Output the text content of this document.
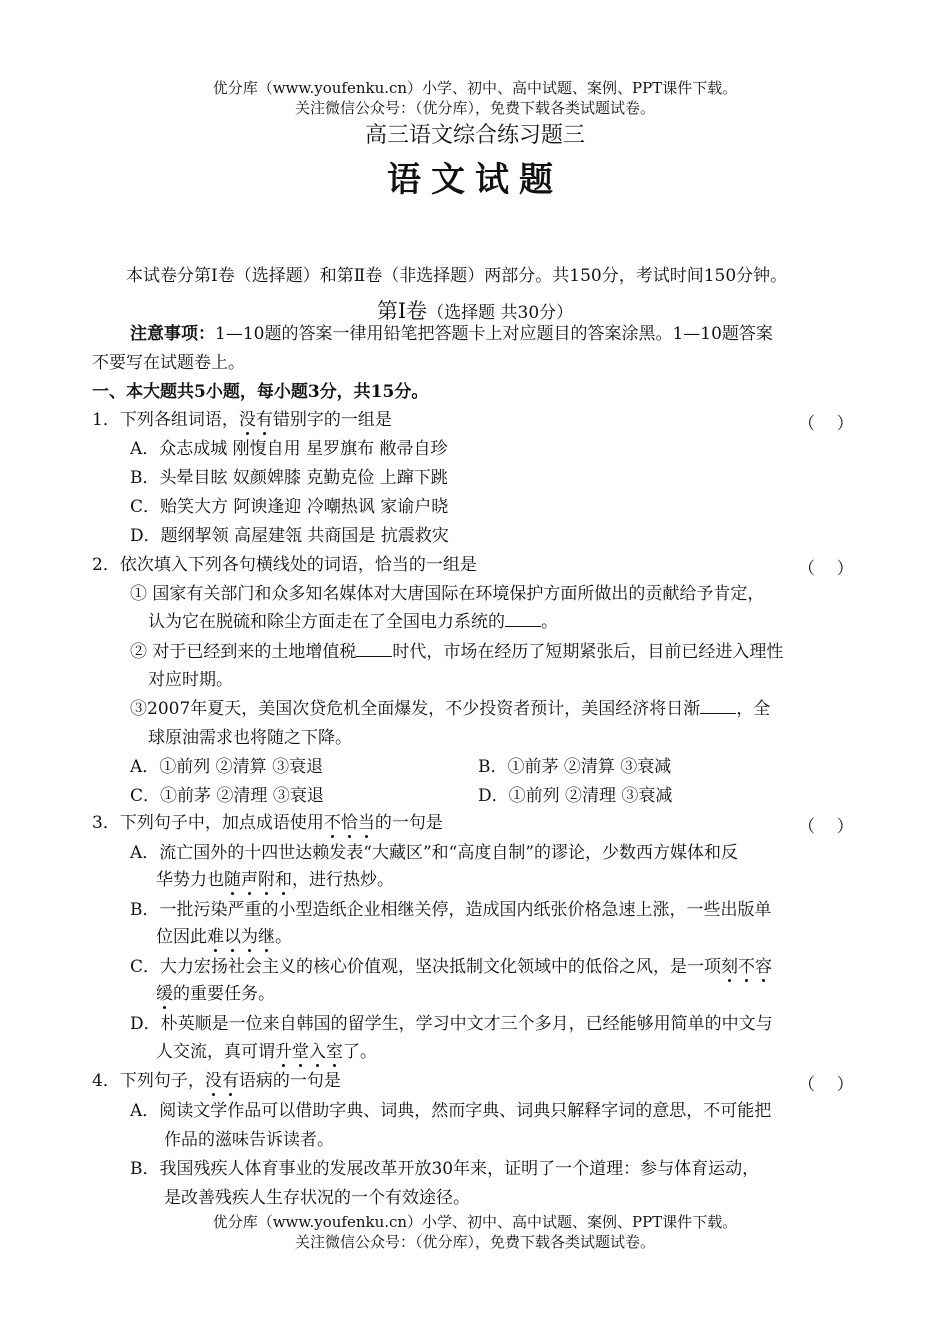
优分库（www.youfenku.cn）小学、初中、高中试题、案例、PPT课件下载。
关注微信公众号：（优分库），免费下载各类试题试卷。
高三语文综合练习题三
语文试题
本试卷分第Ⅰ卷（选择题）和第Ⅱ卷（非选择题）两部分。共150分，考试时间150分钟。
第Ⅰ卷（选择题 共30分）
注意事项：1—10题的答案一律用铅笔把答题卡上对应题目的答案涂黑。1—10题答案
不要写在试题卷上。
一、本大题共5小题，每小题3分，共15分。
1．下列各组词语，没有错别字的一组是	（    ）
A．众志成城 刚愎自用 星罗旗布 敝帚自珍
B．头晕目眩 奴颜婢膝 克勤克俭 上蹿下跳
C．贻笑大方 阿谀逢迎 冷嘲热讽 家谕户晓
D．题纲挈领 高屋建瓴 共商国是 抗震救灾
2．依次填入下列各句横线处的词语，恰当的一组是	（    ）
① 国家有关部门和众多知名媒体对大唐国际在环境保护方面所做出的贡献给予肯定，
认为它在脱硫和除尘方面走在了全国电力系统的 。
② 对于已经到来的土地增值税 时代，市场在经历了短期紧张后，目前已经进入理性
对应时期。
③2007年夏天，美国次贷危机全面爆发，不少投资者预计，美国经济将日渐 ，全
球原油需求也将随之下降。
A．①前列 ②清算 ③衰退	B．①前茅 ②清算 ③衰减
C．①前茅 ②清理 ③衰退	D．①前列 ②清理 ③衰减
3．下列句子中，加点成语使用不恰当的一句是	（    ）
A．流亡国外的十四世达赖发表“大藏区”和“高度自制”的谬论，少数西方媒体和反
华势力也随声附和，进行热炒。
B．一批污染严重的小型造纸企业相继关停，造成国内纸张价格急速上涨，一些出版单
位因此难以为继。
C．大力宏扬社会主义的核心价值观，坚决抵制文化领域中的低俗之风，是一项刻不容
缓的重要任务。
D．朴英顺是一位来自韩国的留学生，学习中文才三个多月，已经能够用简单的中文与
人交流，真可谓升堂入室了。
4．下列句子，没有语病的一句是	（    ）
A．阅读文学作品可以借助字典、词典，然而字典、词典只解释字词的意思，不可能把
作品的滋味告诉读者。
B．我国残疾人体育事业的发展改革开放30年来，证明了一个道理：参与体育运动，
是改善残疾人生存状况的一个有效途径。
优分库（www.youfenku.cn）小学、初中、高中试题、案例、PPT课件下载。
关注微信公众号：（优分库），免费下载各类试题试卷。
